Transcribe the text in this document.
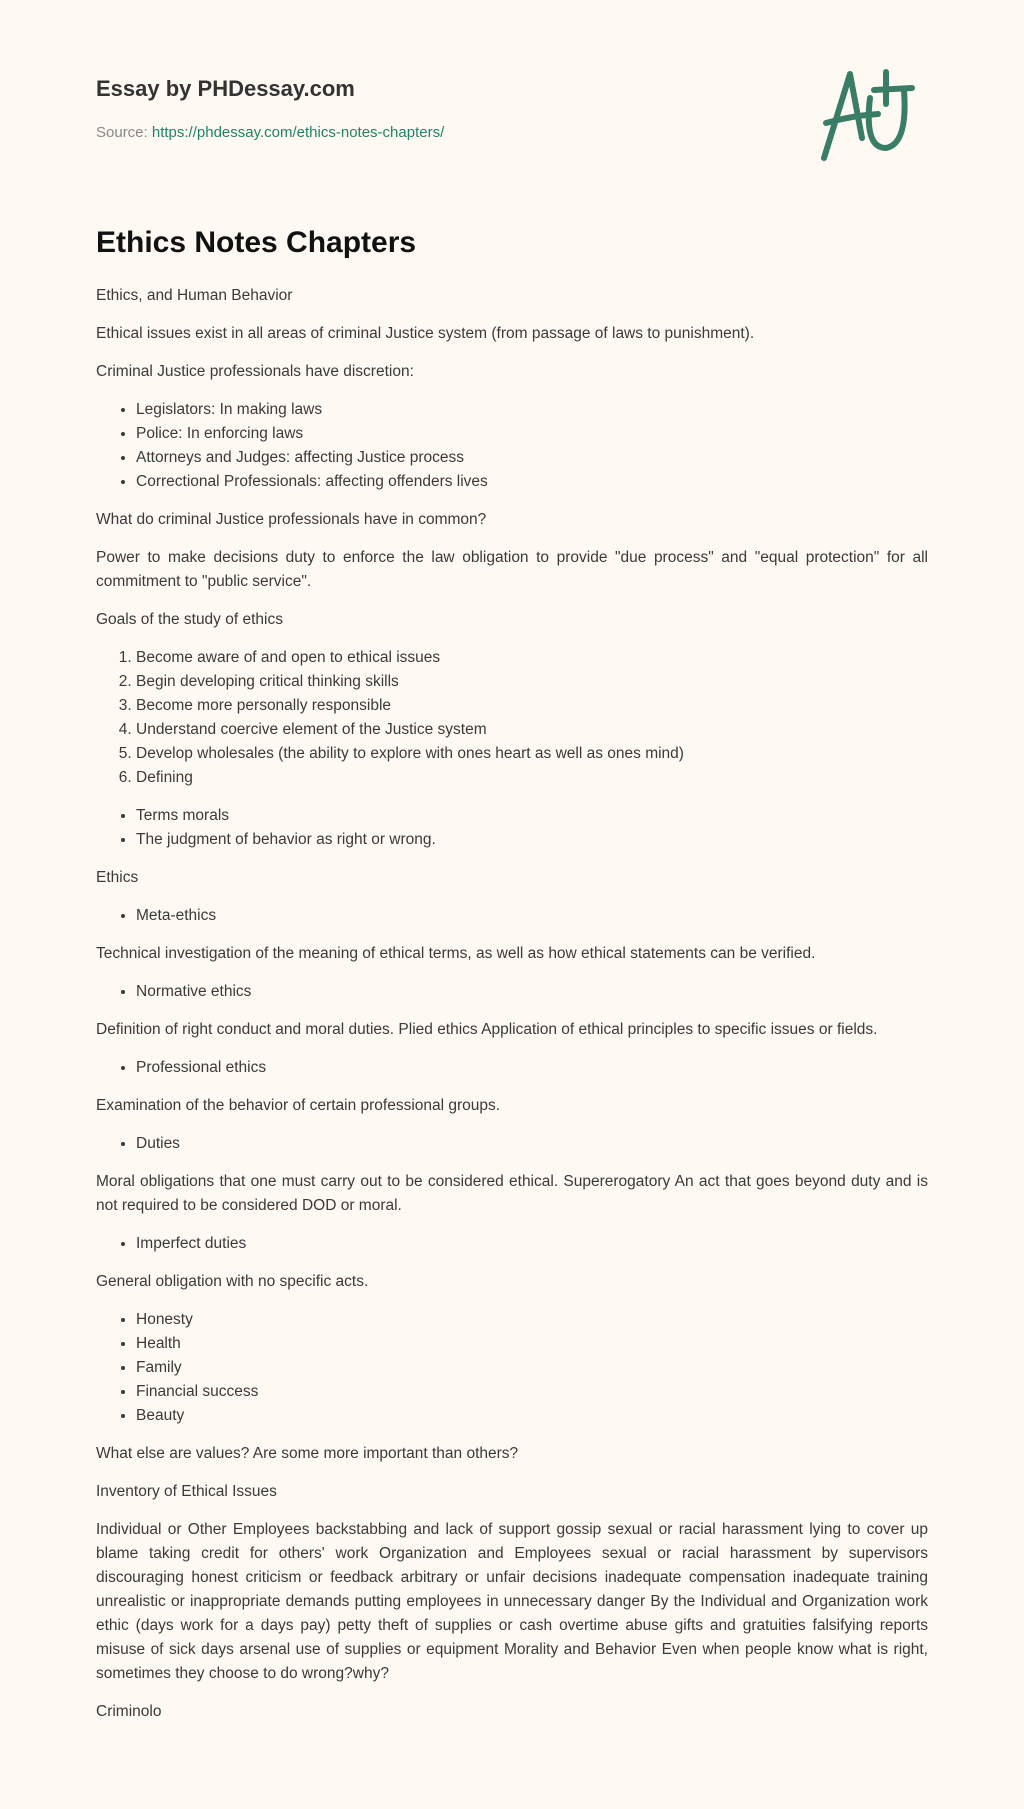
Essay by PHDessay.com
Source: https://phdessay.com/ethics-notes-chapters/
Ethics Notes Chapters

Ethics, and Human Behavior

Ethical issues exist in all areas of criminal Justice system (from passage of laws to punishment).

Criminal Justice professionals have discretion:

• Legislators: In making laws
• Police: In enforcing laws
• Attorneys and Judges: affecting Justice process
• Correctional Professionals: affecting offenders lives

What do criminal Justice professionals have in common?

Power to make decisions duty to enforce the law obligation to provide "due process" and "equal protection" for all commitment to "public service".

Goals of the study of ethics

1. Become aware of and open to ethical issues
2. Begin developing critical thinking skills
3. Become more personally responsible
4. Understand coercive element of the Justice system
5. Develop wholesales (the ability to explore with ones heart as well as ones mind)
6. Defining
• Terms morals
• The judgment of behavior as right or wrong.

Ethics

• Meta-ethics

Technical investigation of the meaning of ethical terms, as well as how ethical statements can be verified.

• Normative ethics

Definition of right conduct and moral duties. Plied ethics Application of ethical principles to specific issues or fields.

• Professional ethics

Examination of the behavior of certain professional groups.

• Duties

Moral obligations that one must carry out to be considered ethical. Supererogatory An act that goes beyond duty and is not required to be considered DOD or moral.

• Imperfect duties

General obligation with no specific acts.

• Honesty
• Health
• Family
• Financial success
• Beauty

What else are values? Are some more important than others?

Inventory of Ethical Issues

Individual or Other Employees backstabbing and lack of support gossip sexual or racial harassment lying to cover up blame taking credit for others' work Organization and Employees sexual or racial harassment by supervisors discouraging honest criticism or feedback arbitrary or unfair decisions inadequate compensation inadequate training unrealistic or inappropriate demands putting employees in unnecessary danger By the Individual and Organization work ethic (days work for a days pay) petty theft of supplies or cash overtime abuse gifts and gratuities falsifying reports misuse of sick days arsenal use of supplies or equipment Morality and Behavior Even when people know what is right, sometimes they choose to do wrong?why?

Criminolo
